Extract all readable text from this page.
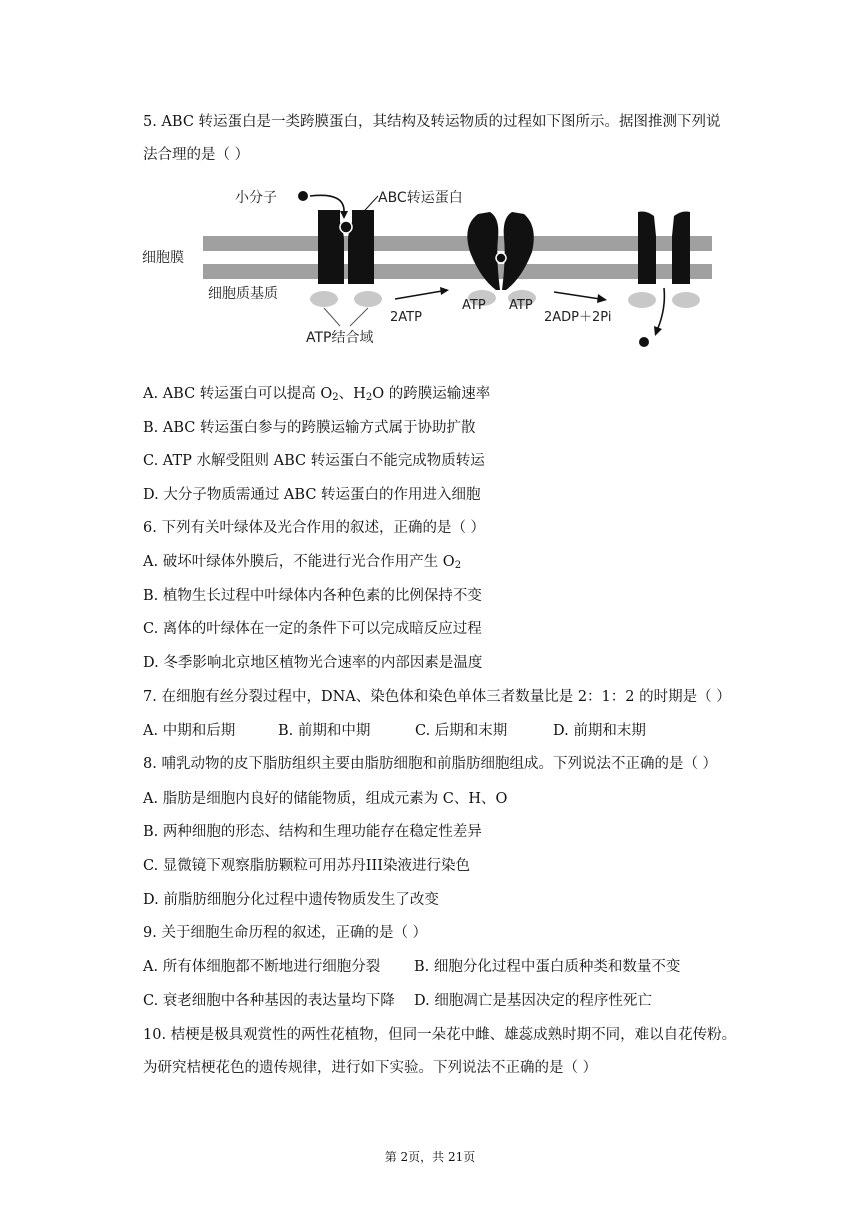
5. ABC 转运蛋白是一类跨膜蛋白，其结构及转运物质的过程如下图所示。据图推测下列说
法合理的是（ ）
小分子	ABC转运蛋白
细胞膜
细胞质基质
ATP结合域
2ATP
ATP ATP
2ADP＋2Pi
A. ABC 转运蛋白可以提高 $O_2$、$H_2O$ 的跨膜运输速率
B. ABC 转运蛋白参与的跨膜运输方式属于协助扩散
C. ATP 水解受阻则 ABC 转运蛋白不能完成物质转运
D. 大分子物质需通过 ABC 转运蛋白的作用进入细胞
6. 下列有关叶绿体及光合作用的叙述，正确的是（ ）
A. 破坏叶绿体外膜后，不能进行光合作用产生 $O_2$
B. 植物生长过程中叶绿体内各种色素的比例保持不变
C. 离体的叶绿体在一定的条件下可以完成暗反应过程
D. 冬季影响北京地区植物光合速率的内部因素是温度
7. 在细胞有丝分裂过程中，DNA、染色体和染色单体三者数量比是 2：1：2 的时期是（ ）
A. 中期和后期	B. 前期和中期	C. 后期和末期	D. 前期和末期
8. 哺乳动物的皮下脂肪组织主要由脂肪细胞和前脂肪细胞组成。下列说法不正确的是（ ）
A. 脂肪是细胞内良好的储能物质，组成元素为 C、H、O
B. 两种细胞的形态、结构和生理功能存在稳定性差异
C. 显微镜下观察脂肪颗粒可用苏丹III染液进行染色
D. 前脂肪细胞分化过程中遗传物质发生了改变
9. 关于细胞生命历程的叙述，正确的是（ ）
A. 所有体细胞都不断地进行细胞分裂 B. 细胞分化过程中蛋白质种类和数量不变
C. 衰老细胞中各种基因的表达量均下降 D. 细胞凋亡是基因决定的程序性死亡
10. 桔梗是极具观赏性的两性花植物，但同一朵花中雌、雄蕊成熟时期不同，难以自花传粉。
为研究桔梗花色的遗传规律，进行如下实验。下列说法不正确的是（ ）
第 2页，共 21页
